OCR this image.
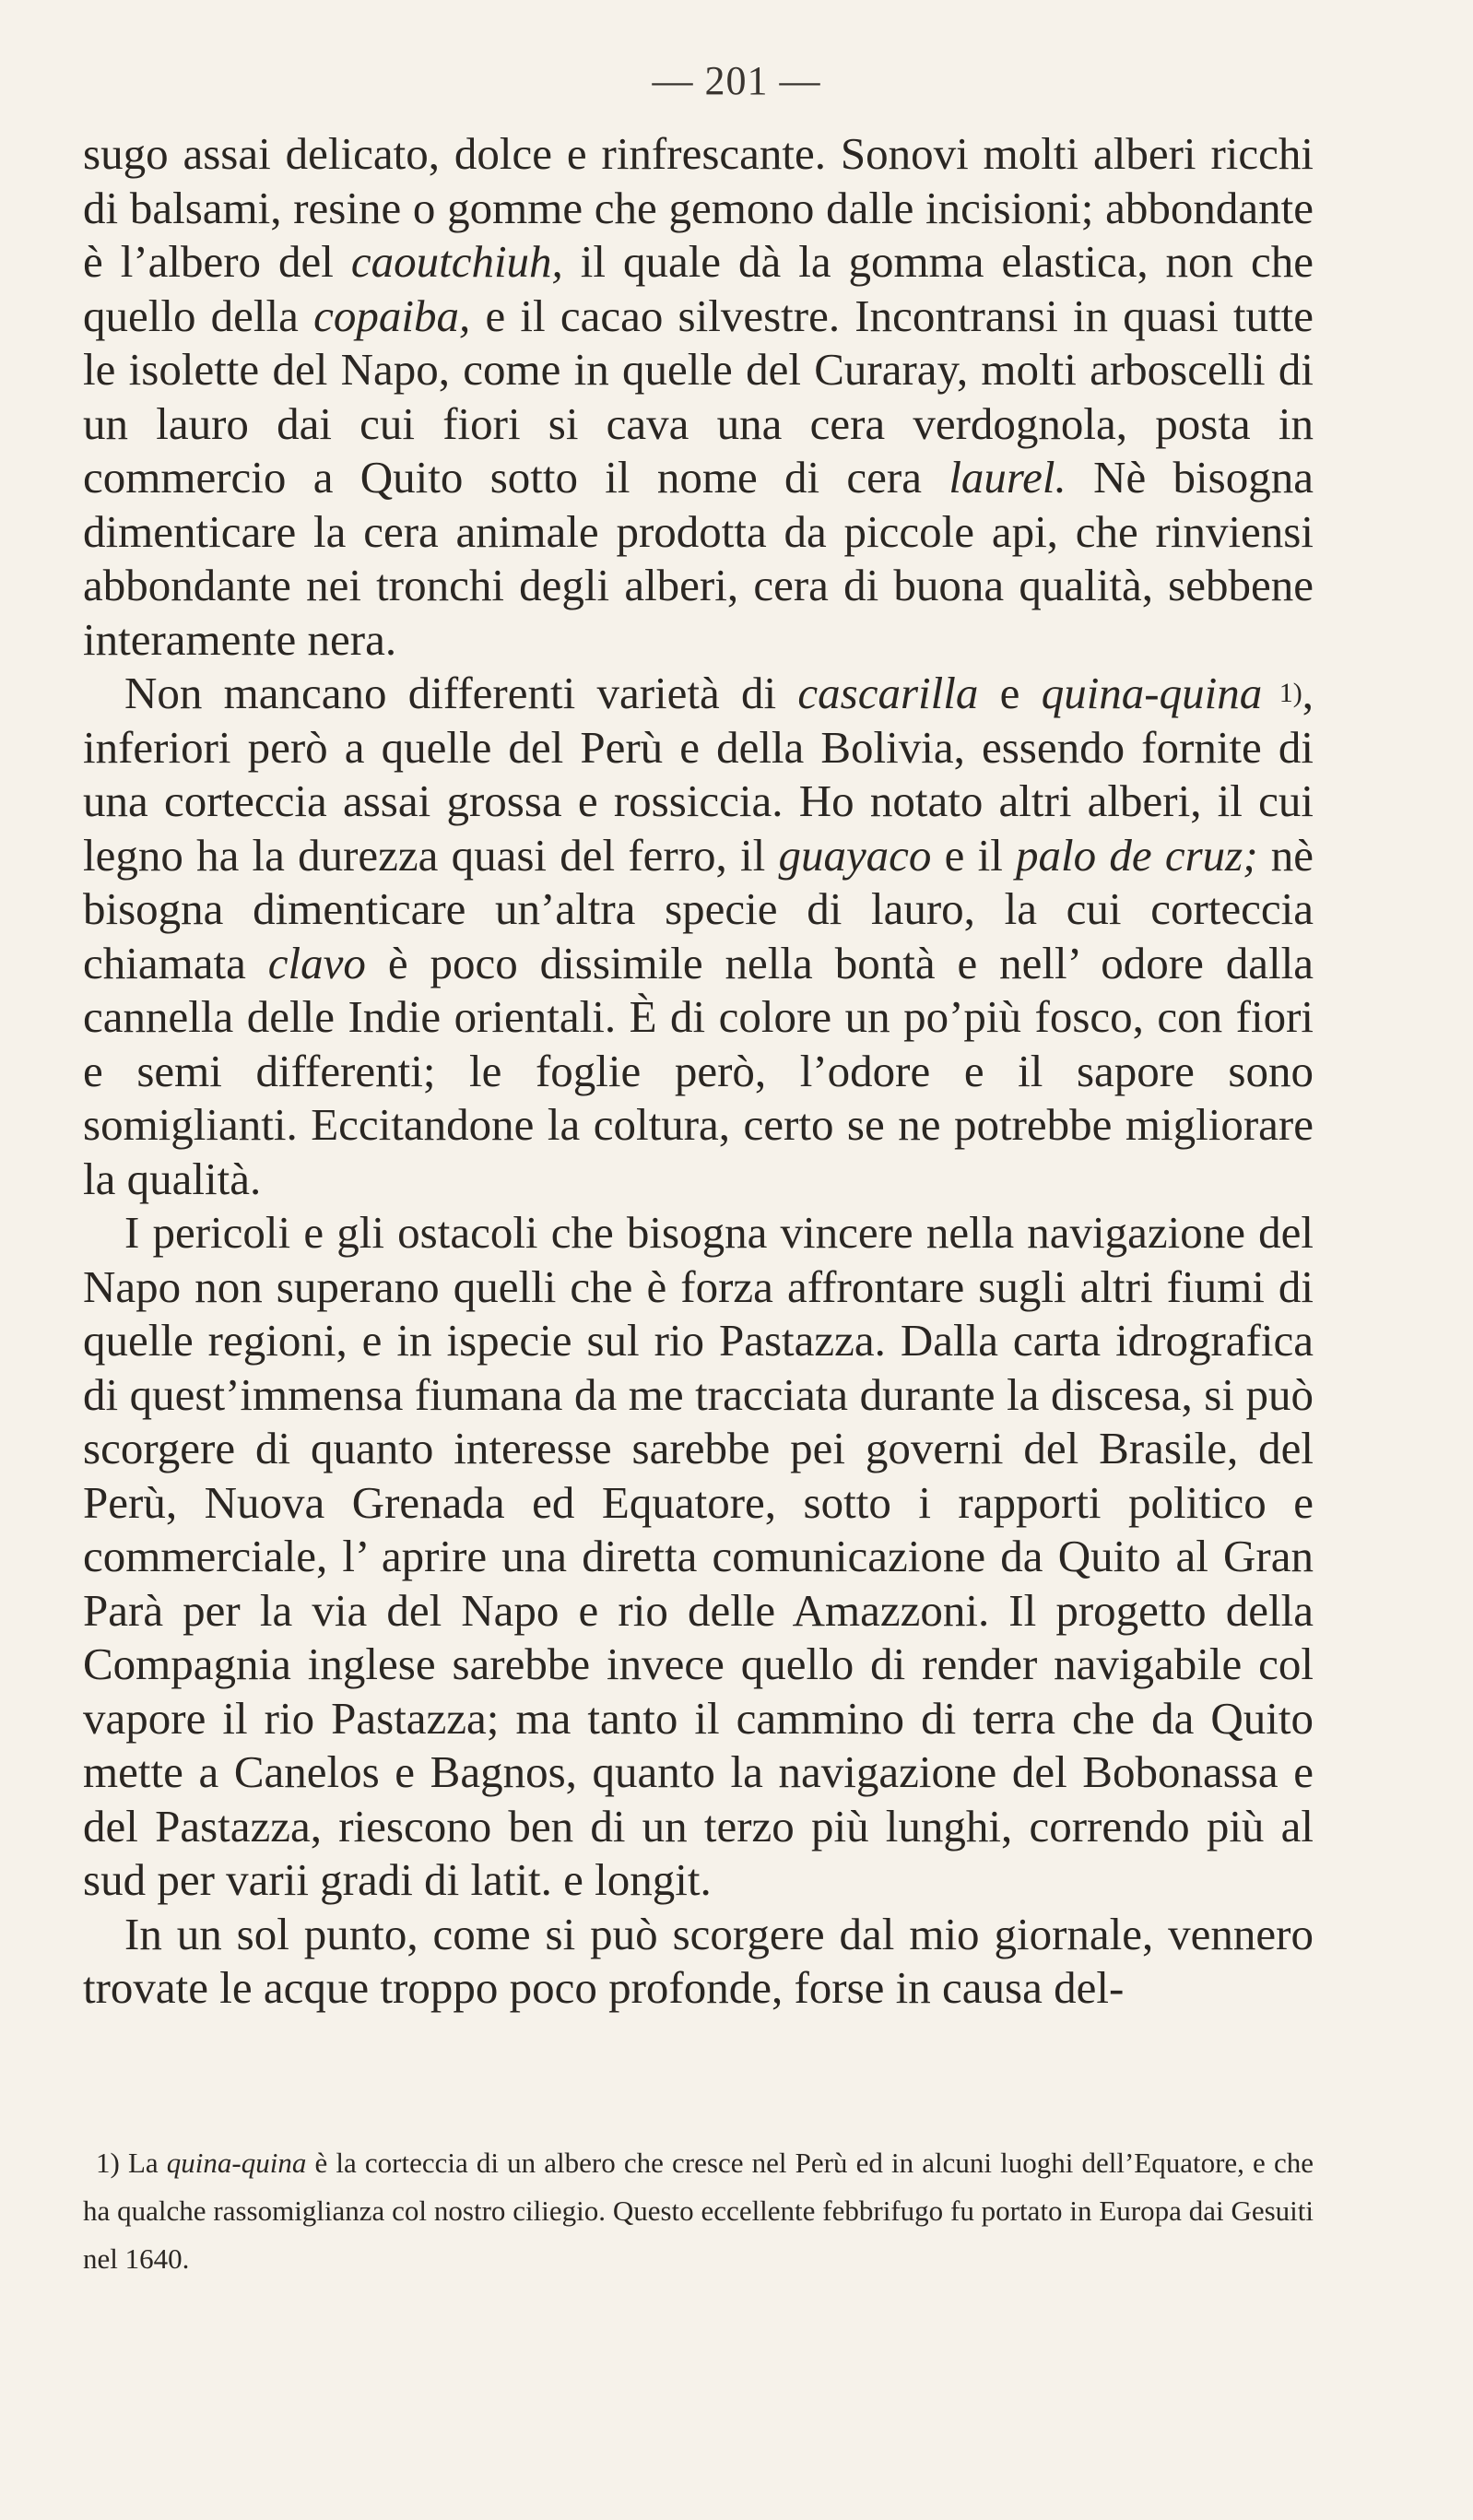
— 201 —

sugo assai delicato, dolce e rinfrescante. Sonovi molti alberi ricchi di balsami, resine o gomme che gemono dalle incisioni; abbondante è l’albero del caoutchiuh, il quale dà la gomma elastica, non che quello della copaiba, e il cacao silvestre. Incontransi in quasi tutte le isolette del Napo, come in quelle del Curaray, molti arboscelli di un lauro dai cui fiori si cava una cera verdognola, posta in commercio a Quito sotto il nome di cera laurel. Nè bisogna dimenticare la cera animale prodotta da piccole api, che rinviensi abbondante nei tronchi degli alberi, cera di buona qualità, sebbene interamente nera.

Non mancano differenti varietà di cascarilla e quina-quina $^{1)}$, inferiori però a quelle del Perù e della Bolivia, essendo fornite di una corteccia assai grossa e rossiccia. Ho notato altri alberi, il cui legno ha la durezza quasi del ferro, il guayaco e il palo de cruz; nè bisogna dimenticare un’altra specie di lauro, la cui corteccia chiamata clavo è poco dissimile nella bontà e nell’ odore dalla cannella delle Indie orientali. È di colore un po’più fosco, con fiori e semi differenti; le foglie però, l’odore e il sapore sono somiglianti. Eccitandone la coltura, certo se ne potrebbe migliorare la qualità.

I pericoli e gli ostacoli che bisogna vincere nella navigazione del Napo non superano quelli che è forza affrontare sugli altri fiumi di quelle regioni, e in ispecie sul rio Pastazza. Dalla carta idrografica di quest’immensa fiumana da me tracciata durante la discesa, si può scorgere di quanto interesse sarebbe pei governi del Brasile, del Perù, Nuova Grenada ed Equatore, sotto i rapporti politico e commerciale, l’ aprire una diretta comunicazione da Quito al Gran Parà per la via del Napo e rio delle Amazzoni. Il progetto della Compagnia inglese sarebbe invece quello di render navigabile col vapore il rio Pastazza; ma tanto il cammino di terra che da Quito mette a Canelos e Bagnos, quanto la navigazione del Bobonassa e del Pastazza, riescono ben di un terzo più lunghi, correndo più al sud per varii gradi di latit. e longit.

In un sol punto, come si può scorgere dal mio giornale, vennero trovate le acque troppo poco profonde, forse in causa del-

1) La quina-quina è la corteccia di un albero che cresce nel Perù ed in alcuni luoghi dell’Equatore, e che ha qualche rassomiglianza col nostro ciliegio. Questo eccellente febbrifugo fu portato in Europa dai Gesuiti nel 1640.
